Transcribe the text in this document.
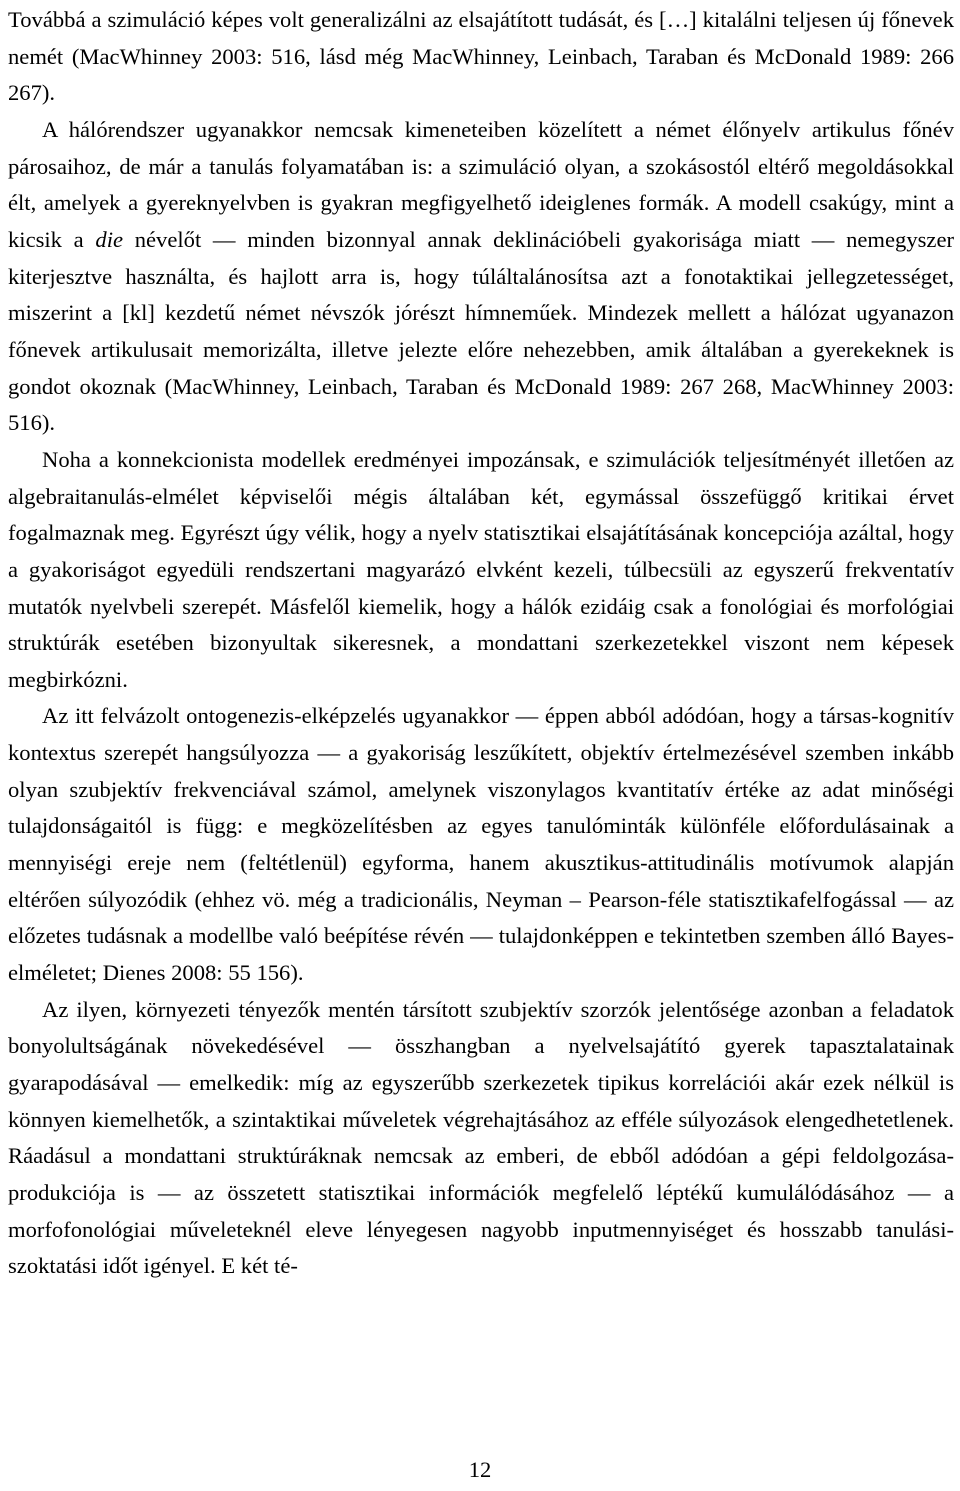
Továbbá a szimuláció képes volt generalizálni az elsajátított tudását, és […] kitalálni teljesen új főnevek nemét (MacWhinney 2003: 516, lásd még MacWhinney, Leinbach, Taraban és McDonald 1989: 266 267).

A hálórendszer ugyanakkor nemcsak kimeneteiben közelített a német élőnyelv artikulus főnév párosaihoz, de már a tanulás folyamatában is: a szimuláció olyan, a szokásostól eltérő megoldásokkal élt, amelyek a gyereknyelvben is gyakran megfigyelhető ideiglenes formák. A modell csakúgy, mint a kicsik a die névelőt — minden bizonnyal annak deklinációbeli gyakorisága miatt — nemegyszer kiterjesztve használta, és hajlott arra is, hogy túláltalánosítsa azt a fonotaktikai jellegzetességet, miszerint a [kl] kezdetű német névszók jórészt hímneműek. Mindezek mellett a hálózat ugyanazon főnevek artikulusait memorizálta, illetve jelezte előre nehezebben, amik általában a gyerekeknek is gondot okoznak (MacWhinney, Leinbach, Taraban és McDonald 1989: 267 268, MacWhinney 2003: 516).

Noha a konnekcionista modellek eredményei impozánsak, e szimulációk teljesítményét illetően az algebraitanulás-elmélet képviselői mégis általában két, egymással összefüggő kritikai érvet fogalmaznak meg. Egyrészt úgy vélik, hogy a nyelv statisztikai elsajátításának koncepciója azáltal, hogy a gyakoriságot egyedüli rendszertani magyarázó elvként kezeli, túlbecsüli az egyszerű frekventatív mutatók nyelvbeli szerepét. Másfelől kiemelik, hogy a hálók ezidáig csak a fonológiai és morfológiai struktúrák esetében bizonyultak sikeresnek, a mondattani szerkezetekkel viszont nem képesek megbirkózni.

Az itt felvázolt ontogenezis-elképzelés ugyanakkor — éppen abból adódóan, hogy a társas-kognitív kontextus szerepét hangsúlyozza — a gyakoriság leszűkített, objektív értelmezésével szemben inkább olyan szubjektív frekvenciával számol, amelynek viszonylagos kvantitatív értéke az adat minőségi tulajdonságaitól is függ: e megközelítésben az egyes tanulóminták különféle előfordulásainak a mennyiségi ereje nem (feltétlenül) egyforma, hanem akusztikus-attitudinális motívumok alapján eltérően súlyozódik (ehhez vö. még a tradicionális, Neyman – Pearson-féle statisztikafelfogással — az előzetes tudásnak a modellbe való beépítése révén — tulajdonképpen e tekintetben szemben álló Bayes-elméletet; Dienes 2008: 55 156).

Az ilyen, környezeti tényezők mentén társított szubjektív szorzók jelentősége azonban a feladatok bonyolultságának növekedésével — összhangban a nyelvelsajátító gyerek tapasztalatainak gyarapodásával — emelkedik: míg az egyszerűbb szerkezetek tipikus korrelációi akár ezek nélkül is könnyen kiemelhetők, a szintaktikai műveletek végrehajtásához az efféle súlyozások elengedhetetlenek. Ráadásul a mondattani struktúráknak nemcsak az emberi, de ebből adódóan a gépi feldolgozása-produkciója is — az összetett statisztikai információk megfelelő léptékű kumulálódásához — a morfofonológiai műveleteknél eleve lényegesen nagyobb inputmennyiséget és hosszabb tanulási-szoktatási időt igényel. E két té-

12
